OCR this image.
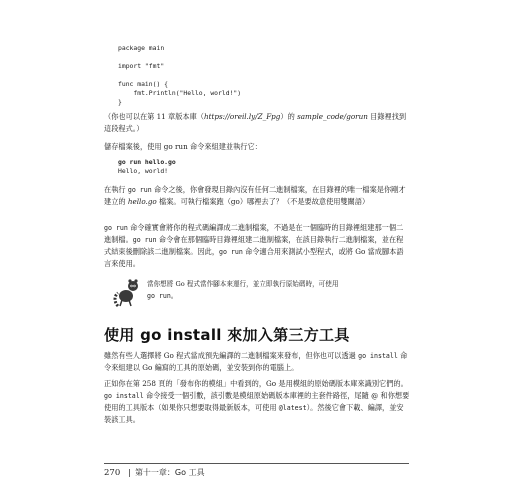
package main

import "fmt"

func main() {
fmt.Println("Hello, world!")
}
（你也可以在第 11 章版本庫（https://oreil.ly/Z_Fpg）的 sample_code/gorun 目錄裡找到這段程式。）
儲存檔案後，使用 go run 命令來組建並執行它：
go run hello.go
Hello, world!
在執行 go run 命令之後，你會發現目錄內沒有任何二進制檔案，在目錄裡的唯一檔案是你剛才建立的 hello.go 檔案。可執行檔案跑（go）哪裡去了？（不是要故意使用雙關語）
go run 命令確實會將你的程式碼編譯成二進制檔案，不過是在一個臨時的目錄裡組建那一個二進制檔。go run 命令會在那個臨時目錄裡組建二進制檔案，在該目錄執行二進制檔案，並在程式結束後刪除該二進制檔案。因此，go run 命令適合用來測試小型程式，或將 Go 當成腳本語言來使用。
當你想將 Go 程式當作腳本來運行，並立即執行原始碼時，可使用
go run。
使用 go install 來加入第三方工具
雖然有些人選擇將 Go 程式當成預先編譯的二進制檔案來發布，但你也可以透過 go install 命令來組建以 Go 編寫的工具的原始碼，並安裝到你的電腦上。
正如你在第 258 頁的「發布你的模組」中看到的，Go 是用模組的原始碼版本庫來識別它們的。go install 命令接受一個引數，該引數是模組原始碼版本庫裡的主套件路徑，尾隨 @ 和你想要使用的工具版本（如果你只想要取得最新版本，可使用 @latest）。然後它會下載、編譯，並安裝該工具。
270 | 第十一章：Go 工具
